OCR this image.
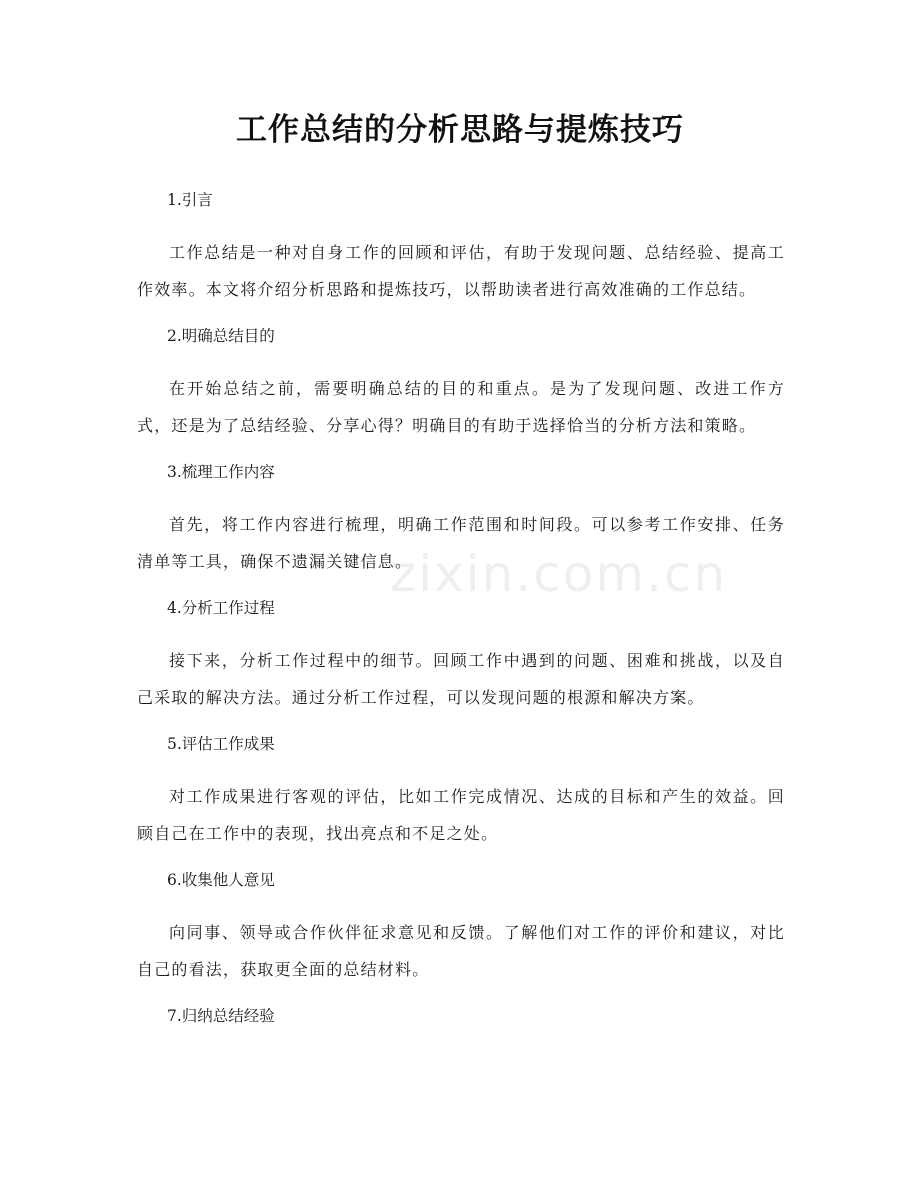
zixin.com.cn
工作总结的分析思路与提炼技巧
1.引言

工作总结是一种对自身工作的回顾和评估，有助于发现问题、总结经验、提高工作效率。本文将介绍分析思路和提炼技巧，以帮助读者进行高效准确的工作总结。

2.明确总结目的

在开始总结之前，需要明确总结的目的和重点。是为了发现问题、改进工作方式，还是为了总结经验、分享心得？明确目的有助于选择恰当的分析方法和策略。

3.梳理工作内容

首先，将工作内容进行梳理，明确工作范围和时间段。可以参考工作安排、任务清单等工具，确保不遗漏关键信息。

4.分析工作过程

接下来，分析工作过程中的细节。回顾工作中遇到的问题、困难和挑战，以及自己采取的解决方法。通过分析工作过程，可以发现问题的根源和解决方案。

5.评估工作成果

对工作成果进行客观的评估，比如工作完成情况、达成的目标和产生的效益。回顾自己在工作中的表现，找出亮点和不足之处。

6.收集他人意见

向同事、领导或合作伙伴征求意见和反馈。了解他们对工作的评价和建议，对比自己的看法，获取更全面的总结材料。

7.归纳总结经验
